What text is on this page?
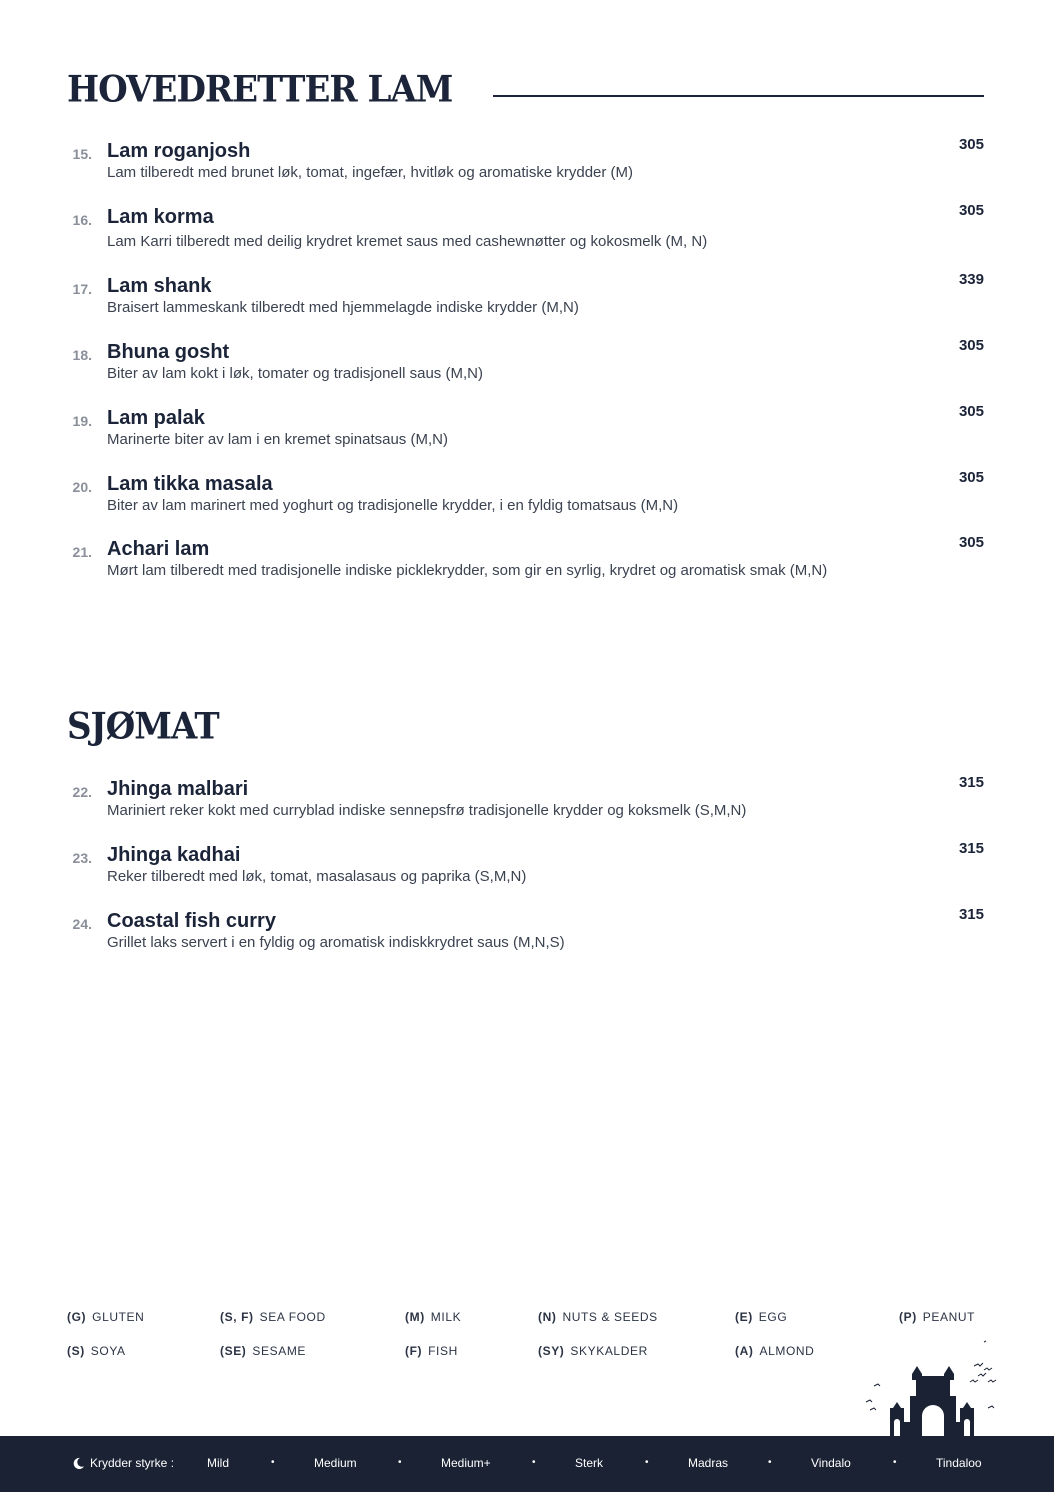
HOVEDRETTER LAM
15. Lam roganjosh
Lam tilberedt med brunet løk, tomat, ingefær, hvitløk og aromatiske krydder (M)
305
16. Lam korma
Lam Karri tilberedt med deilig krydret kremet saus med cashewnøtter og kokosmelk (M, N)
305
17. Lam shank
Braisert lammeskank tilberedt med hjemmelagde indiske krydder (M,N)
339
18. Bhuna gosht
Biter av lam kokt i løk, tomater og tradisjonell saus (M,N)
305
19. Lam palak
Marinerte biter av lam i en kremet spinatsaus (M,N)
305
20. Lam tikka masala
Biter av lam marinert med yoghurt og tradisjonelle krydder, i en fyldig tomatsaus (M,N)
305
21. Achari lam
Mørt lam tilberedt med tradisjonelle indiske picklekrydder, som gir en syrlig, krydret og aromatisk smak (M,N)
305
SJØMAT
22. Jhinga malbari
Mariniert reker kokt med curryblad indiske sennepsfrø tradisjonelle krydder og koksmelk (S,M,N)
315
23. Jhinga kadhai
Reker tilberedt med løk, tomat, masalasaus og paprika (S,M,N)
315
24. Coastal fish curry
Grillet laks servert i en fyldig og aromatisk indiskkrydret saus (M,N,S)
315
(G) GLUTEN	(S, F) SEA FOOD	(M) MILK	(N) NUTS & SEEDS	(E) EGG	(P) PEANUT
(S) SOYA	(SE) SESAME	(F) FISH	(SY) SKYKALDER	(A) ALMOND
Krydder styrke :	Mild	•	Medium	•	Medium+	•	Sterk	•	Madras	•	Vindalo	•	Tindaloo
